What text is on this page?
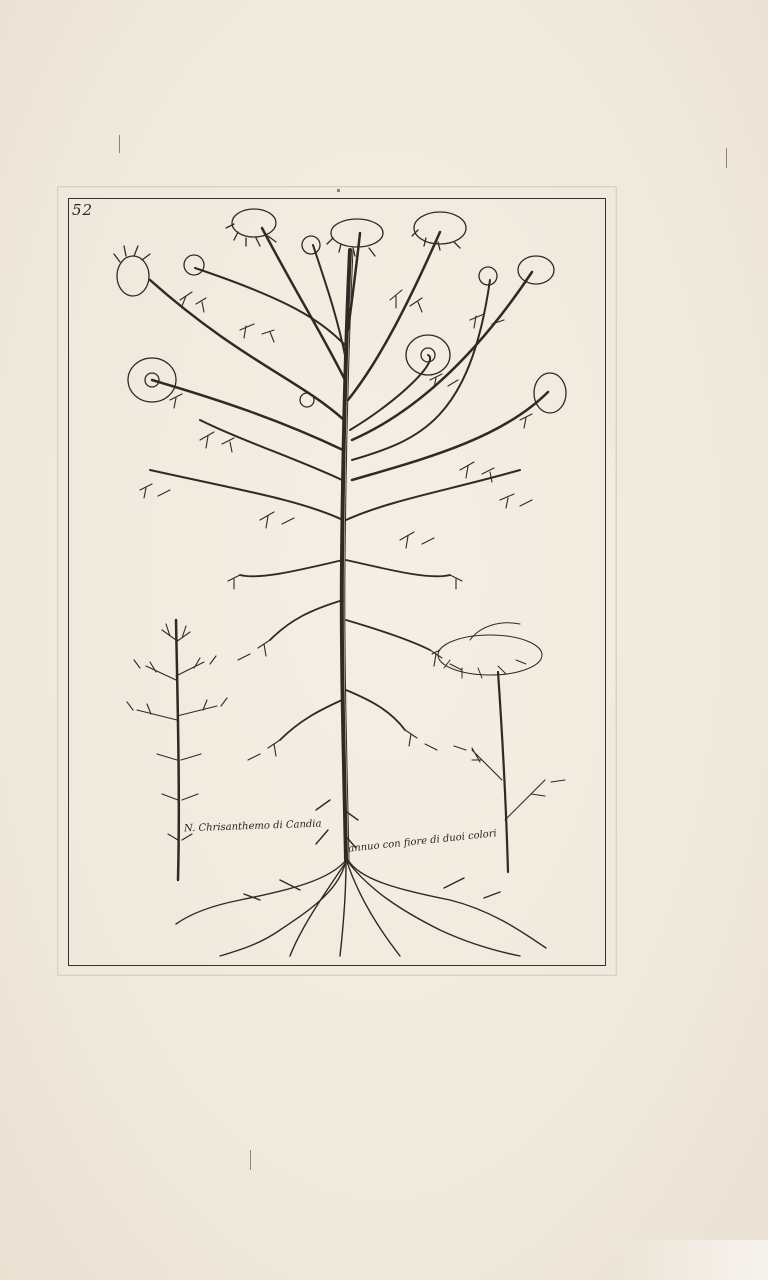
52
N. Chrisanthemo di Candia
annuo con fiore di duoi colori
